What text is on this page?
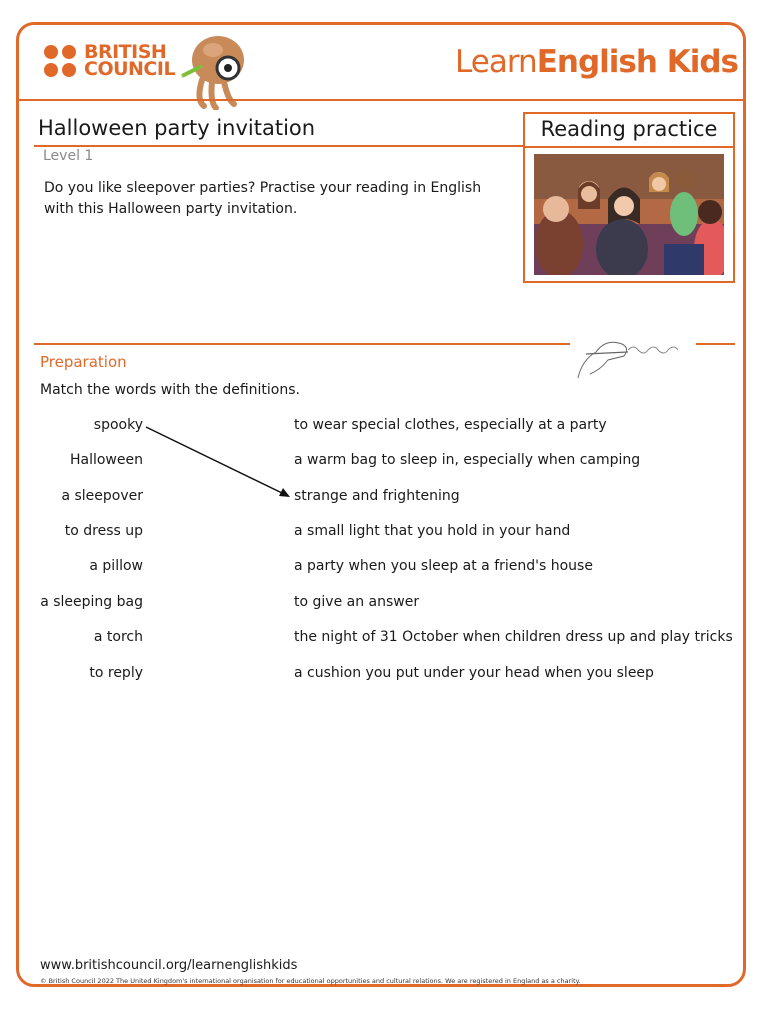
BRITISH
COUNCIL	LearnEnglish Kids
Halloween party invitation	Reading practice
Level 1
Do you like sleepover parties? Practise your reading in English with this Halloween party invitation.
Preparation
Match the words with the definitions.
spooky
Halloween
a sleepover
to dress up
a pillow
a sleeping bag
a torch
to reply
to wear special clothes, especially at a party
a warm bag to sleep in, especially when camping
strange and frightening
a small light that you hold in your hand
a party when you sleep at a friend's house
to give an answer
the night of 31 October when children dress up and play tricks
a cushion you put under your head when you sleep
www.britishcouncil.org/learnenglishkids
© British Council 2022 The United Kingdom's international organisation for educational opportunities and cultural relations. We are registered in England as a charity.
